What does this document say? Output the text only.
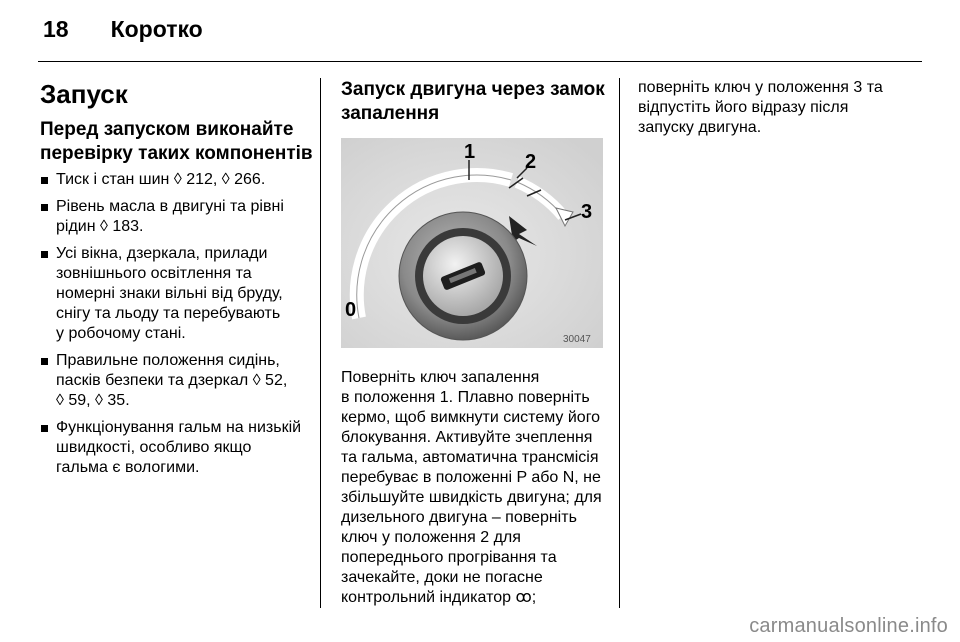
18 Коротко
Запуск
Перед запуском виконайте
перевірку таких компонентів
Тиск і стан шин ◊ 212, ◊ 266.
Рівень масла в двигуні та рівні
рідин ◊ 183.
Усі вікна, дзеркала, прилади
зовнішнього освітлення та
номерні знаки вільні від бруду,
снігу та льоду та перебувають
у робочому стані.
Правильне положення сидінь,
пасків безпеки та дзеркал ◊ 52,
◊ 59, ◊ 35.
Функціонування гальм на низькій
швидкості, особливо якщо
гальма є вологими.
Запуск двигуна через замок
запалення
1 2
3
0
30047
Поверніть ключ запалення
в положення 1. Плавно поверніть
кермо, щоб вимкнути систему його
блокування. Активуйте зчеплення
та гальма, автоматична трансмісія
перебуває в положенні P або N, не
збільшуйте швидкість двигуна; для
дизельного двигуна – поверніть
ключ у положення 2 для
попереднього прогрівання та
зачекайте, доки не погасне
контрольний індикатор ꝏ;
поверніть ключ у положення 3 та
відпустіть його відразу після
запуску двигуна.
carmanualsonline.info
